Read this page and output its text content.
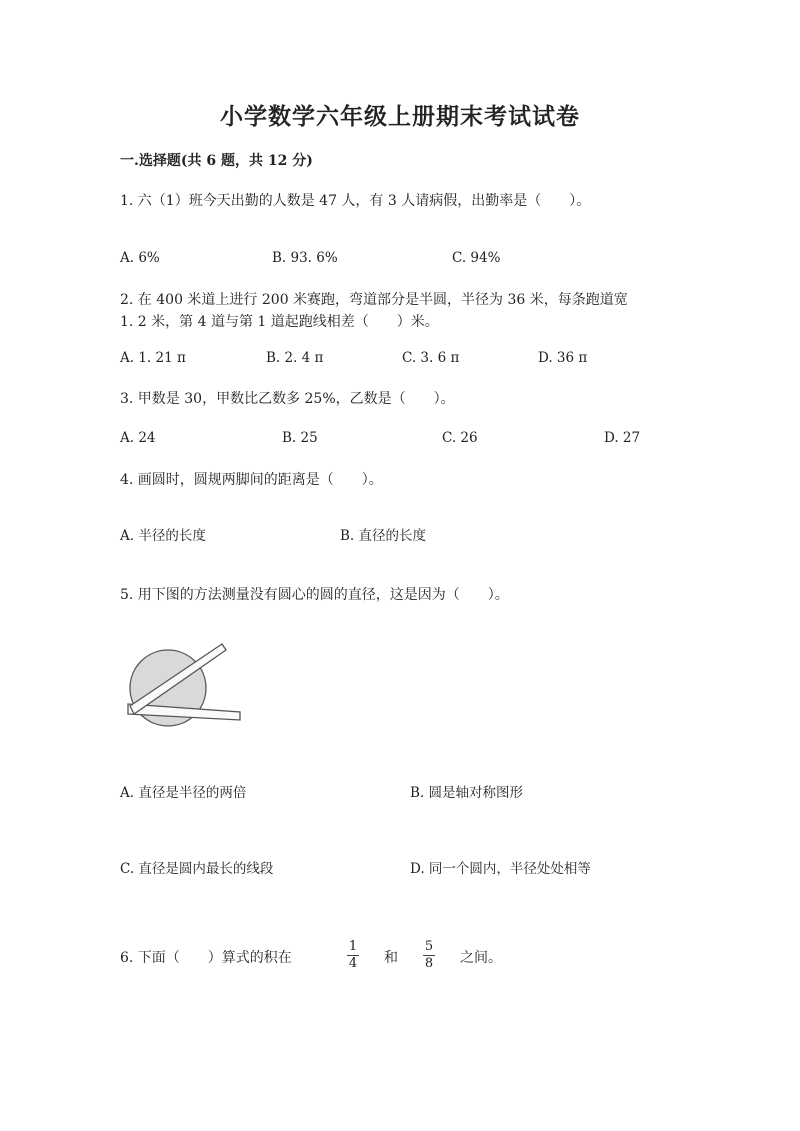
小学数学六年级上册期末考试试卷
一.选择题(共 6 题，共 12 分)
1. 六（1）班今天出勤的人数是 47 人，有 3 人请病假，出勤率是（　　）。
A. 6%	B. 93. 6%	C. 94%
2. 在 400 米道上进行 200 米赛跑，弯道部分是半圆，半径为 36 米，每条跑道宽
1. 2 米，第 4 道与第 1 道起跑线相差（　　）米。
A. 1. 21 π	B. 2. 4 π	C. 3. 6 π	D. 36 π
3. 甲数是 30，甲数比乙数多 25%，乙数是（　　）。
A. 24	B. 25	C. 26	D. 27
4. 画圆时，圆规两脚间的距离是（　　）。
A. 半径的长度	B. 直径的长度
5. 用下图的方法测量没有圆心的圆的直径，这是因为（　　）。
A. 直径是半径的两倍	B. 圆是轴对称图形
C. 直径是圆内最长的线段	D. 同一个圆内，半径处处相等
6. 下面（　　）算式的积在
1
4 和
5
8 之间。
